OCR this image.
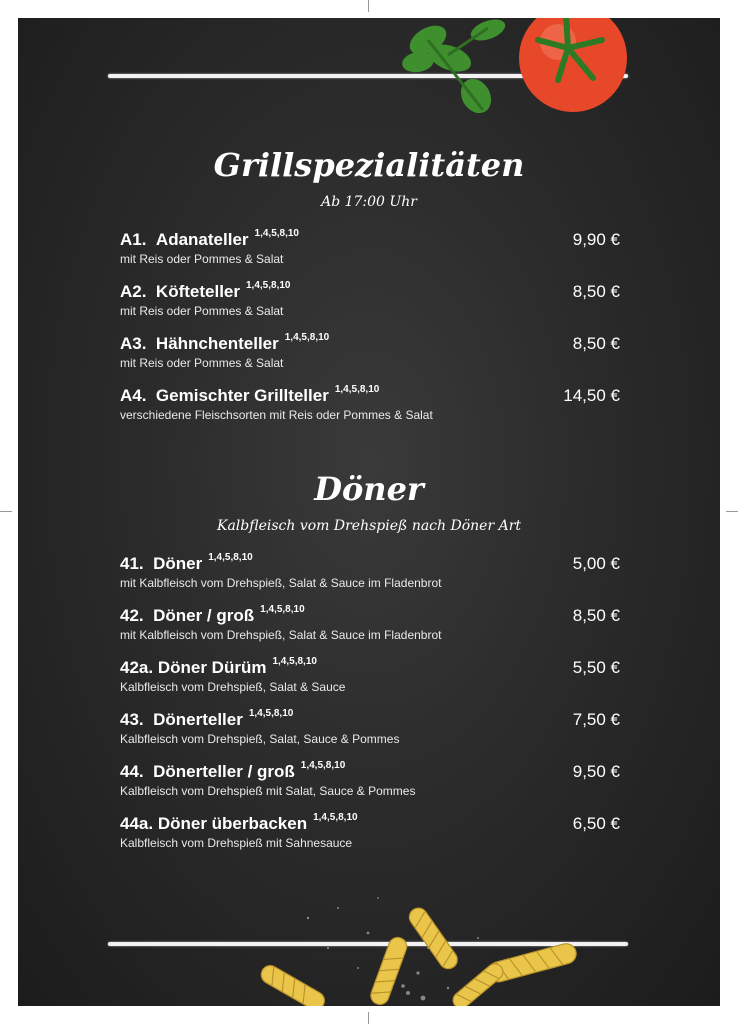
Grillspezialitäten
Ab 17:00 Uhr
A1.
Adanateller 1,4,5,8,10	9,90 €
mit Reis oder Pommes & Salat
A2.
Köfteteller 1,4,5,8,10	8,50 €
mit Reis oder Pommes & Salat
A3.
Hähnchenteller 1,4,5,8,10	8,50 €
mit Reis oder Pommes & Salat
A4.
Gemischter Grillteller 1,4,5,8,10	14,50 €
verschiedene Fleischsorten mit Reis oder Pommes & Salat
Döner
Kalbfleisch vom Drehspieß nach Döner Art
41.
Döner 1,4,5,8,10	5,00 €
mit Kalbfleisch vom Drehspieß, Salat & Sauce im Fladenbrot
42.
Döner / groß 1,4,5,8,10	8,50 €
mit Kalbfleisch vom Drehspieß, Salat & Sauce im Fladenbrot
42a.
Döner Dürüm 1,4,5,8,10	5,50 €
Kalbfleisch vom Drehspieß, Salat & Sauce
43.
Dönerteller 1,4,5,8,10	7,50 €
Kalbfleisch vom Drehspieß, Salat, Sauce & Pommes
44.
Dönerteller / groß 1,4,5,8,10	9,50 €
Kalbfleisch vom Drehspieß mit Salat, Sauce & Pommes
44a.
Döner überbacken 1,4,5,8,10	6,50 €
Kalbfleisch vom Drehspieß mit Sahnesauce
